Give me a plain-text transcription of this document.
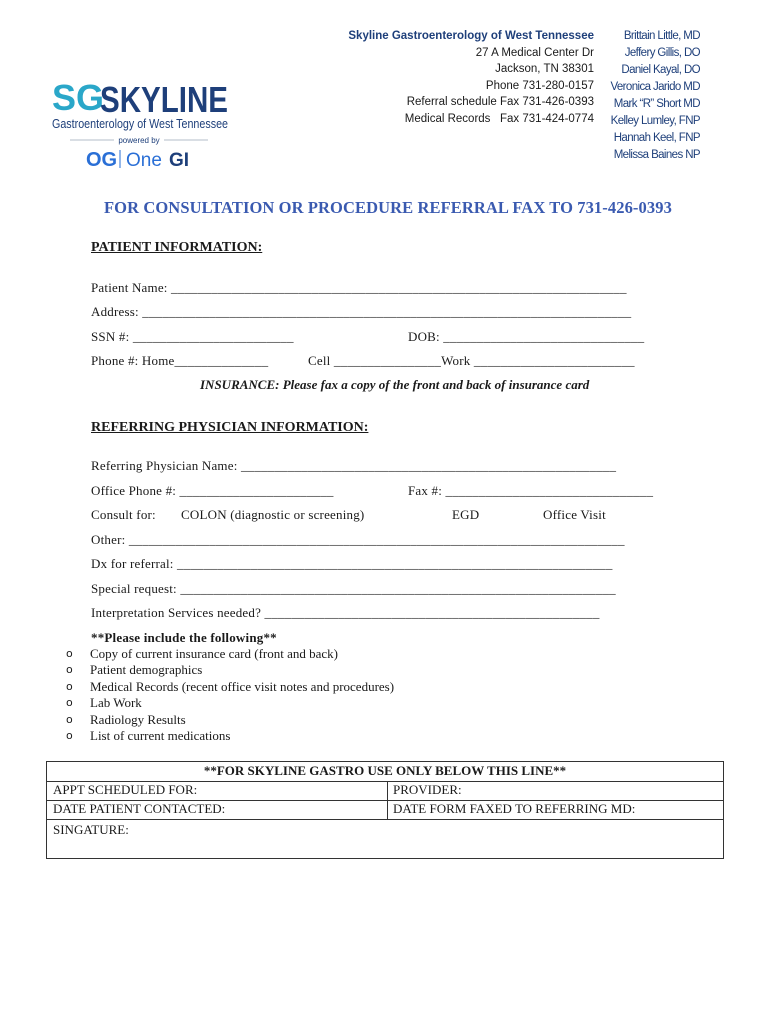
SG
SKYLINE
Gastroenterology of West Tennessee
powered by
OG One GI
Skyline Gastroenterology of West Tennessee
27 A Medical Center Dr
Jackson, TN 38301
Phone 731-280-0157
Referral schedule Fax 731-426-0393
Medical Records   Fax 731-424-0774
Brittain Little, MD
Jeffery Gillis, DO
Daniel Kayal, DO
Veronica Jarido MD
Mark “R” Short MD
Kelley Lumley, FNP
Hannah Keel, FNP
Melissa Baines NP
FOR CONSULTATION OR PROCEDURE REFERRAL FAX TO 731-426-0393
PATIENT INFORMATION:
Patient Name: ____________________________________________________________________
Address: _________________________________________________________________________
SSN #: ________________________	DOB: ______________________________
Phone #: Home______________	Cell ________________Work ________________________
INSURANCE: Please fax a copy of the front and back of insurance card
REFERRING PHYSICIAN INFORMATION:
Referring Physician Name: ________________________________________________________
Office Phone #: _______________________	Fax #: _______________________________
Consult for: COLON (diagnostic or screening)	EGD	Office Visit
Other: __________________________________________________________________________
Dx for referral: _________________________________________________________________
Special request: _________________________________________________________________
Interpretation Services needed? __________________________________________________
**Please include the following**
o	Copy of current insurance card (front and back)
o	Patient demographics
o	Medical Records (recent office visit notes and procedures)
o	Lab Work
o	Radiology Results
o	List of current medications
**FOR SKYLINE GASTRO USE ONLY BELOW THIS LINE**
APPT SCHEDULED FOR:	PROVIDER:
DATE PATIENT CONTACTED:	DATE FORM FAXED TO REFERRING MD:
SINGATURE:
